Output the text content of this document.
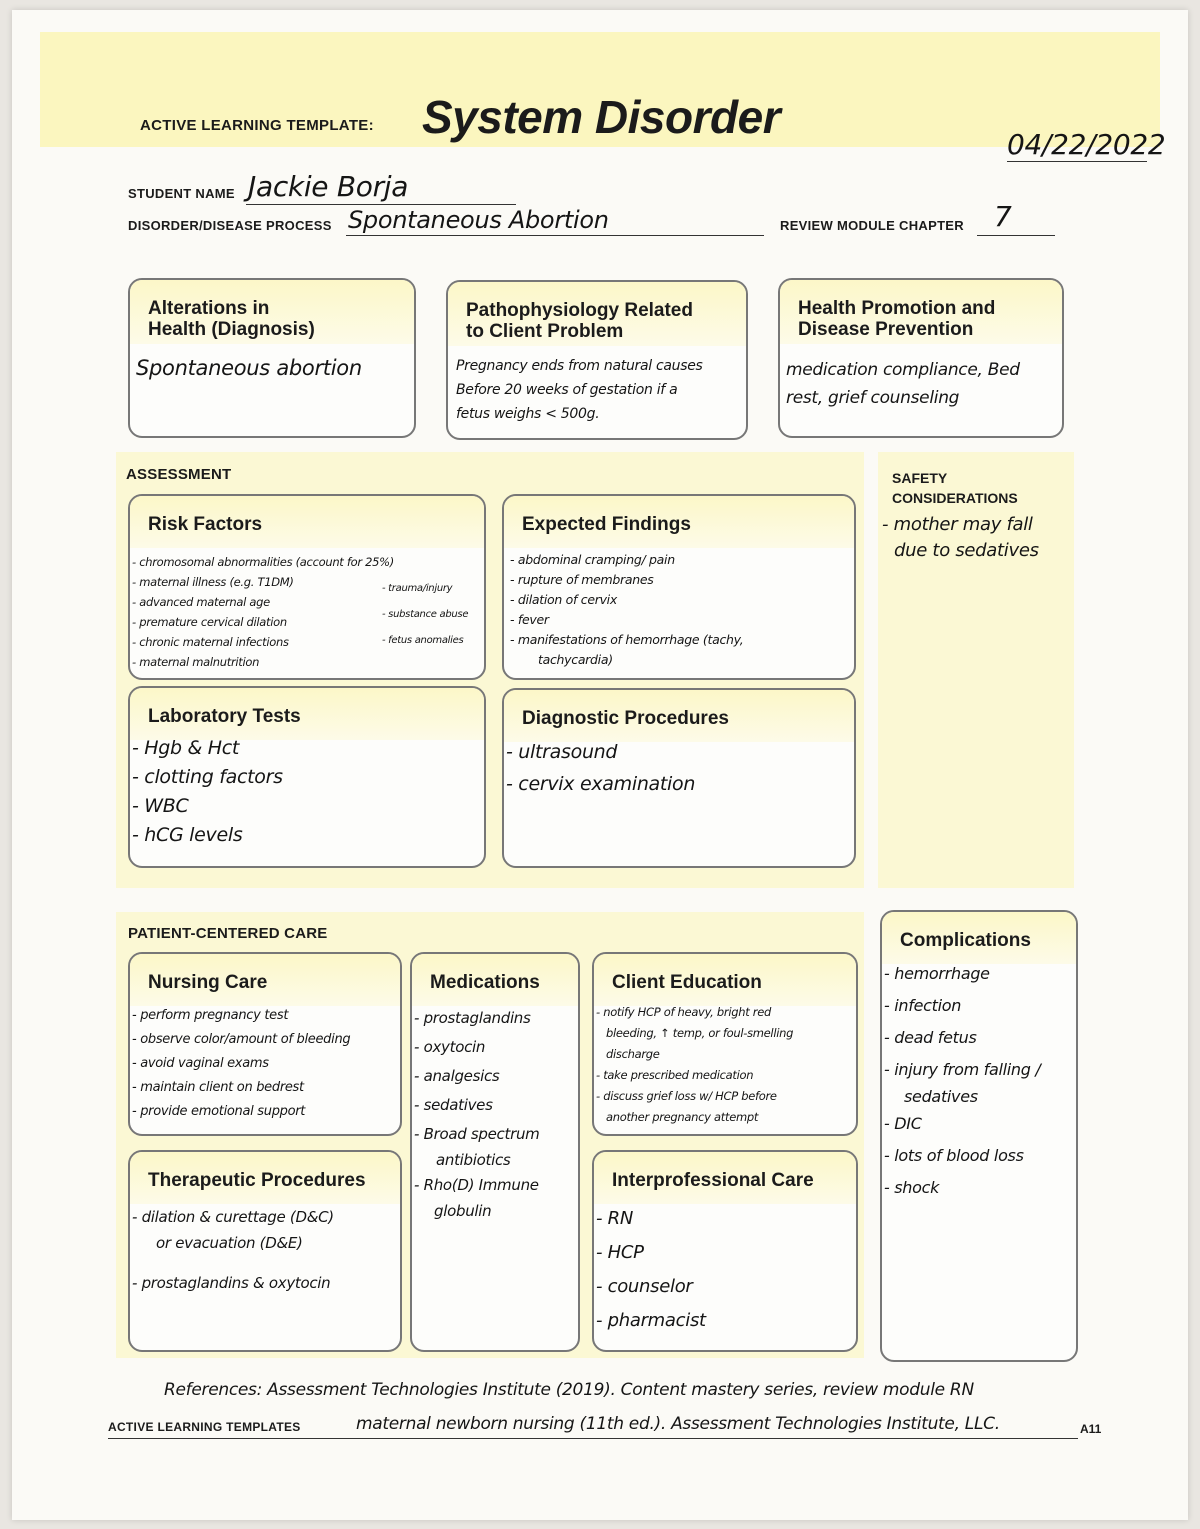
ACTIVE LEARNING TEMPLATE: System Disorder
04/22/2022
STUDENT NAME Jackie Borja
DISORDER/DISEASE PROCESS Spontaneous Abortion	REVIEW MODULE CHAPTER 7
Alterations in
Health (Diagnosis)
Spontaneous abortion
Pathophysiology Related
to Client Problem
Pregnancy ends from natural causes
Before 20 weeks of gestation if a
fetus weighs < 500g.
Health Promotion and
Disease Prevention
medication compliance, Bed
rest, grief counseling
ASSESSMENT
Risk Factors
- chromosomal abnormalities (account for 25%)
- maternal illness (e.g. T1DM)
- advanced maternal age
- premature cervical dilation
- chronic maternal infections
- maternal malnutrition
- trauma/injury
- substance abuse
- fetus anomalies
Expected Findings
- abdominal cramping/ pain
- rupture of membranes
- dilation of cervix
- fever
- manifestations of hemorrhage (tachy,
tachycardia)
Laboratory Tests
- Hgb & Hct
- clotting factors
- WBC
- hCG levels
Diagnostic Procedures
- ultrasound
- cervix examination
SAFETY
CONSIDERATIONS
- mother may fall
due to sedatives
PATIENT-CENTERED CARE
Nursing Care
- perform pregnancy test
- observe color/amount of bleeding
- avoid vaginal exams
- maintain client on bedrest
- provide emotional support
Medications
- prostaglandins
- oxytocin
- analgesics
- sedatives
- Broad spectrum
antibiotics
- Rho(D) Immune
globulin
Client Education
- notify HCP of heavy, bright red
bleeding, ↑ temp, or foul-smelling
discharge
- take prescribed medication
- discuss grief loss w/ HCP before
another pregnancy attempt
Therapeutic Procedures
- dilation & curettage (D&C)
or evacuation (D&E)
- prostaglandins & oxytocin
Interprofessional Care
- RN
- HCP
- counselor
- pharmacist
Complications
- hemorrhage
- infection
- dead fetus
- injury from falling /
sedatives
- DIC
- lots of blood loss
- shock
References: Assessment Technologies Institute (2019). Content mastery series, review module RN
maternal newborn nursing (11th ed.). Assessment Technologies Institute, LLC.
ACTIVE LEARNING TEMPLATES	A11
